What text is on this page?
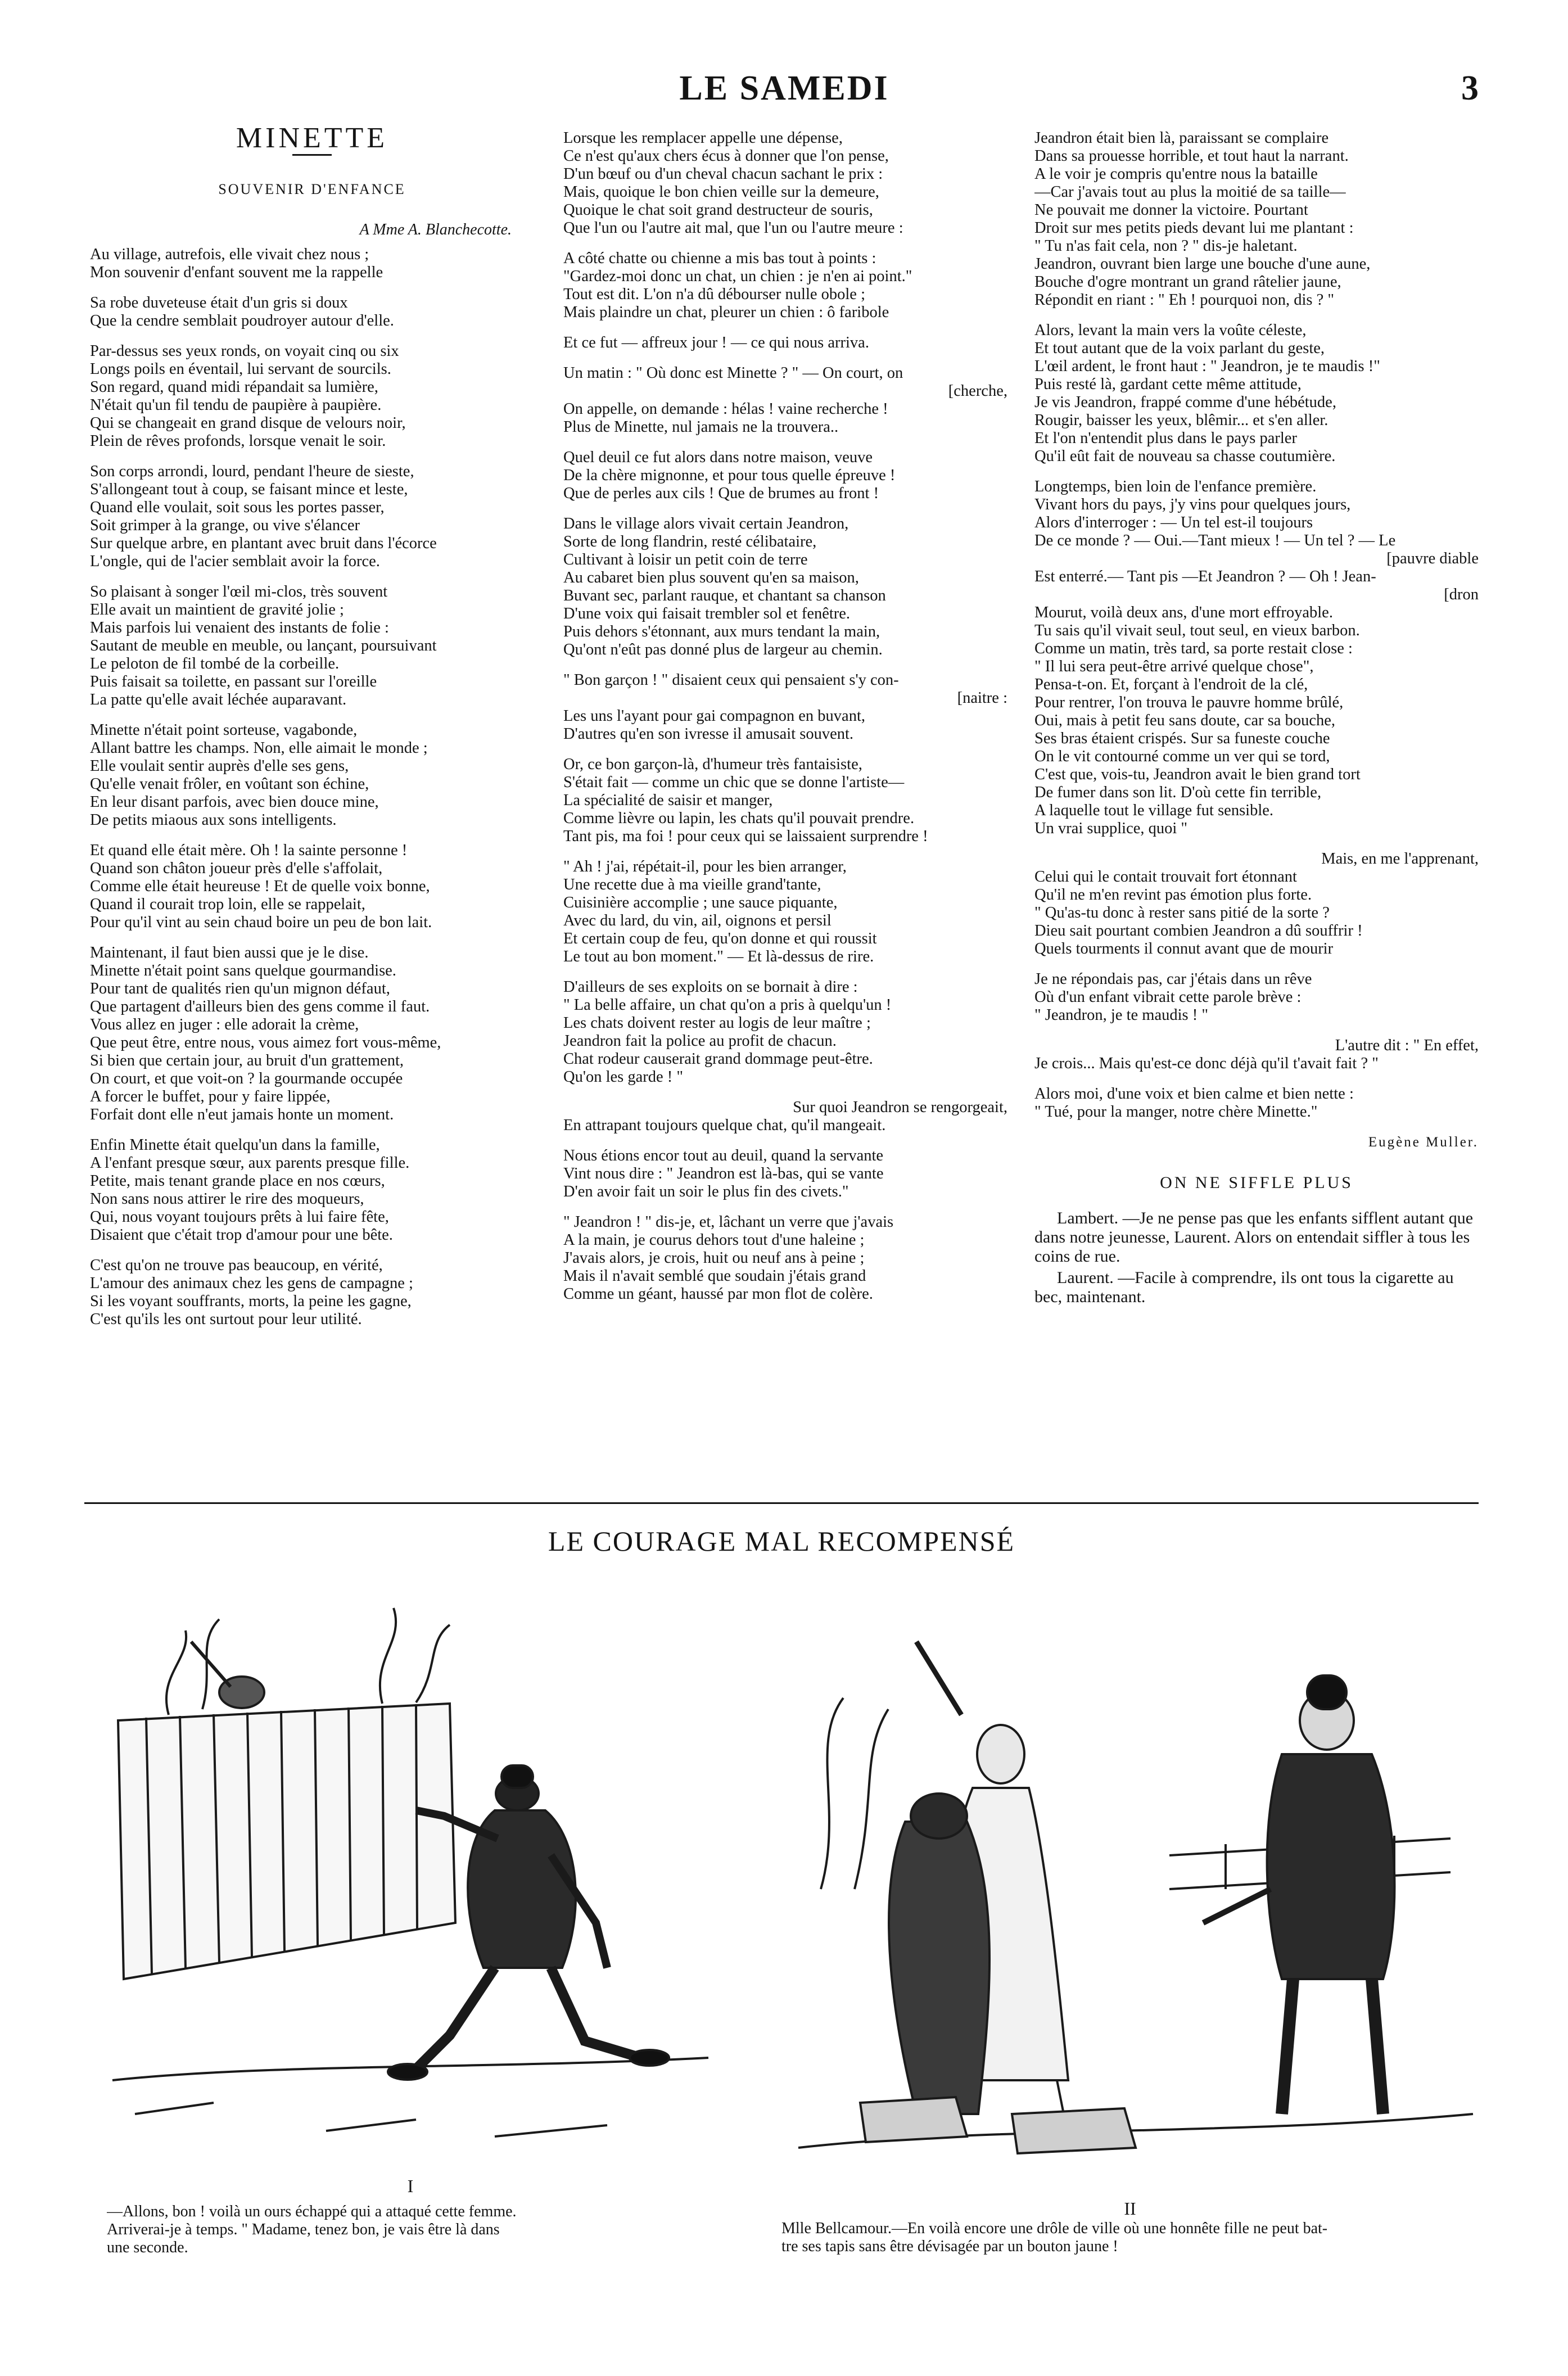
LE SAMEDI	3
MINETTE
SOUVENIR D'ENFANCE
A Mme A. Blanchecotte.

Au village, autrefois, elle vivait chez nous ;
Mon souvenir d'enfant souvent me la rappelle

Sa robe duveteuse était d'un gris si doux
Que la cendre semblait poudroyer autour d'elle.

Par-dessus ses yeux ronds, on voyait cinq ou six
Longs poils en éventail, lui servant de sourcils.
Son regard, quand midi répandait sa lumière,
N'était qu'un fil tendu de paupière à paupière.
Qui se changeait en grand disque de velours noir,
Plein de rêves profonds, lorsque venait le soir.

Son corps arrondi, lourd, pendant l'heure de sieste,
S'allongeant tout à coup, se faisant mince et leste,
Quand elle voulait, soit sous les portes passer,
Soit grimper à la grange, ou vive s'élancer
Sur quelque arbre, en plantant avec bruit dans l'écorce
L'ongle, qui de l'acier semblait avoir la force.

So plaisant à songer l'œil mi-clos, très souvent
Elle avait un maintient de gravité jolie ;
Mais parfois lui venaient des instants de folie :
Sautant de meuble en meuble, ou lançant, poursuivant
Le peloton de fil tombé de la corbeille.
Puis faisait sa toilette, en passant sur l'oreille
La patte qu'elle avait léchée auparavant.

Minette n'était point sorteuse, vagabonde,
Allant battre les champs. Non, elle aimait le monde ;
Elle voulait sentir auprès d'elle ses gens,
Qu'elle venait frôler, en voûtant son échine,
En leur disant parfois, avec bien douce mine,
De petits miaous aux sons intelligents.

Et quand elle était mère. Oh ! la sainte personne !
Quand son châton joueur près d'elle s'affolait,
Comme elle était heureuse ! Et de quelle voix bonne,
Quand il courait trop loin, elle se rappelait,
Pour qu'il vint au sein chaud boire un peu de bon lait.

Maintenant, il faut bien aussi que je le dise.
Minette n'était point sans quelque gourmandise.
Pour tant de qualités rien qu'un mignon défaut,
Que partagent d'ailleurs bien des gens comme il faut.
Vous allez en juger : elle adorait la crème,
Que peut être, entre nous, vous aimez fort vous-même,
Si bien que certain jour, au bruit d'un grattement,
On court, et que voit-on ? la gourmande occupée
A forcer le buffet, pour y faire lippée,
Forfait dont elle n'eut jamais honte un moment.

Enfin Minette était quelqu'un dans la famille,
A l'enfant presque sœur, aux parents presque fille.
Petite, mais tenant grande place en nos cœurs,
Non sans nous attirer le rire des moqueurs,
Qui, nous voyant toujours prêts à lui faire fête,
Disaient que c'était trop d'amour pour une bête.

C'est qu'on ne trouve pas beaucoup, en vérité,
L'amour des animaux chez les gens de campagne ;
Si les voyant souffrants, morts, la peine les gagne,
C'est qu'ils les ont surtout pour leur utilité.

Lorsque les remplacer appelle une dépense,
Ce n'est qu'aux chers écus à donner que l'on pense,
D'un bœuf ou d'un cheval chacun sachant le prix :
Mais, quoique le bon chien veille sur la demeure,
Quoique le chat soit grand destructeur de souris,
Que l'un ou l'autre ait mal, que l'un ou l'autre meure :

A côté chatte ou chienne a mis bas tout à points :
"Gardez-moi donc un chat, un chien : je n'en ai point."
Tout est dit. L'on n'a dû débourser nulle obole ;
Mais plaindre un chat, pleurer un chien : ô faribole

Et ce fut — affreux jour ! — ce qui nous arriva.

Un matin : " Où donc est Minette ? " — On court, on
[cherche,
On appelle, on demande : hélas ! vaine recherche !
Plus de Minette, nul jamais ne la trouvera..

Quel deuil ce fut alors dans notre maison, veuve
De la chère mignonne, et pour tous quelle épreuve !
Que de perles aux cils ! Que de brumes au front !

Dans le village alors vivait certain Jeandron,
Sorte de long flandrin, resté célibataire,
Cultivant à loisir un petit coin de terre
Au cabaret bien plus souvent qu'en sa maison,
Buvant sec, parlant rauque, et chantant sa chanson
D'une voix qui faisait trembler sol et fenêtre.
Puis dehors s'étonnant, aux murs tendant la main,
Qu'ont n'eût pas donné plus de largeur au chemin.

" Bon garçon ! " disaient ceux qui pensaient s'y con-
[naitre :
Les uns l'ayant pour gai compagnon en buvant,
D'autres qu'en son ivresse il amusait souvent.

Or, ce bon garçon-là, d'humeur très fantaisiste,
S'était fait — comme un chic que se donne l'artiste—
La spécialité de saisir et manger,
Comme lièvre ou lapin, les chats qu'il pouvait prendre.
Tant pis, ma foi ! pour ceux qui se laissaient surprendre !

" Ah ! j'ai, répétait-il, pour les bien arranger,
Une recette due à ma vieille grand'tante,
Cuisinière accomplie ; une sauce piquante,
Avec du lard, du vin, ail, oignons et persil
Et certain coup de feu, qu'on donne et qui roussit
Le tout au bon moment." — Et là-dessus de rire.

D'ailleurs de ses exploits on se bornait à dire :
" La belle affaire, un chat qu'on a pris à quelqu'un !
Les chats doivent rester au logis de leur maître ;
Jeandron fait la police au profit de chacun.
Chat rodeur causerait grand dommage peut-être.
Qu'on les garde ! "

Sur quoi Jeandron se rengorgeait,
En attrapant toujours quelque chat, qu'il mangeait.

Nous étions encor tout au deuil, quand la servante
Vint nous dire : " Jeandron est là-bas, qui se vante
D'en avoir fait un soir le plus fin des civets."

" Jeandron ! " dis-je, et, lâchant un verre que j'avais
A la main, je courus dehors tout d'une haleine ;
J'avais alors, je crois, huit ou neuf ans à peine ;
Mais il n'avait semblé que soudain j'étais grand
Comme un géant, haussé par mon flot de colère.

Jeandron était bien là, paraissant se complaire
Dans sa prouesse horrible, et tout haut la narrant.
A le voir je compris qu'entre nous la bataille
—Car j'avais tout au plus la moitié de sa taille—
Ne pouvait me donner la victoire. Pourtant
Droit sur mes petits pieds devant lui me plantant :
" Tu n'as fait cela, non ? " dis-je haletant.
Jeandron, ouvrant bien large une bouche d'une aune,
Bouche d'ogre montrant un grand râtelier jaune,
Répondit en riant : " Eh ! pourquoi non, dis ? "

Alors, levant la main vers la voûte céleste,
Et tout autant que de la voix parlant du geste,
L'œil ardent, le front haut : " Jeandron, je te maudis !"
Puis resté là, gardant cette même attitude,
Je vis Jeandron, frappé comme d'une hébétude,
Rougir, baisser les yeux, blêmir... et s'en aller.
Et l'on n'entendit plus dans le pays parler
Qu'il eût fait de nouveau sa chasse coutumière.

Longtemps, bien loin de l'enfance première.
Vivant hors du pays, j'y vins pour quelques jours,
Alors d'interroger : — Un tel est-il toujours
De ce monde ? — Oui.—Tant mieux ! — Un tel ? — Le
[pauvre diable
Est enterré.— Tant pis —Et Jeandron ? — Oh ! Jean-
[dron
Mourut, voilà deux ans, d'une mort effroyable.
Tu sais qu'il vivait seul, tout seul, en vieux barbon.
Comme un matin, très tard, sa porte restait close :
" Il lui sera peut-être arrivé quelque chose",
Pensa-t-on. Et, forçant à l'endroit de la clé,
Pour rentrer, l'on trouva le pauvre homme brûlé,
Oui, mais à petit feu sans doute, car sa bouche,
Ses bras étaient crispés. Sur sa funeste couche
On le vit contourné comme un ver qui se tord,
C'est que, vois-tu, Jeandron avait le bien grand tort
De fumer dans son lit. D'où cette fin terrible,
A laquelle tout le village fut sensible.
Un vrai supplice, quoi "

Mais, en me l'apprenant,
Celui qui le contait trouvait fort étonnant
Qu'il ne m'en revint pas émotion plus forte.
" Qu'as-tu donc à rester sans pitié de la sorte ?
Dieu sait pourtant combien Jeandron a dû souffrir !
Quels tourments il connut avant que de mourir

Je ne répondais pas, car j'étais dans un rêve
Où d'un enfant vibrait cette parole brève :
" Jeandron, je te maudis ! "

L'autre dit : " En effet,
Je crois... Mais qu'est-ce donc déjà qu'il t'avait fait ? "

Alors moi, d'une voix et bien calme et bien nette :
" Tué, pour la manger, notre chère Minette."

Eugène Muller.
ON NE SIFFLE PLUS

Lambert. —Je ne pense pas que les enfants sifflent autant que dans notre jeunesse, Laurent. Alors on entendait siffler à tous les coins de rue.

Laurent. —Facile à comprendre, ils ont tous la cigarette au bec, maintenant.

LE COURAGE MAL RECOMPENSÉ
I
—Allons, bon ! voilà un ours échappé qui a attaqué cette femme.
Arriverai-je à temps. " Madame, tenez bon, je vais être là dans
une seconde.
II
Mlle Bellcamour.—En voilà encore une drôle de ville où une honnête fille ne peut bat-
tre ses tapis sans être dévisagée par un bouton jaune !
